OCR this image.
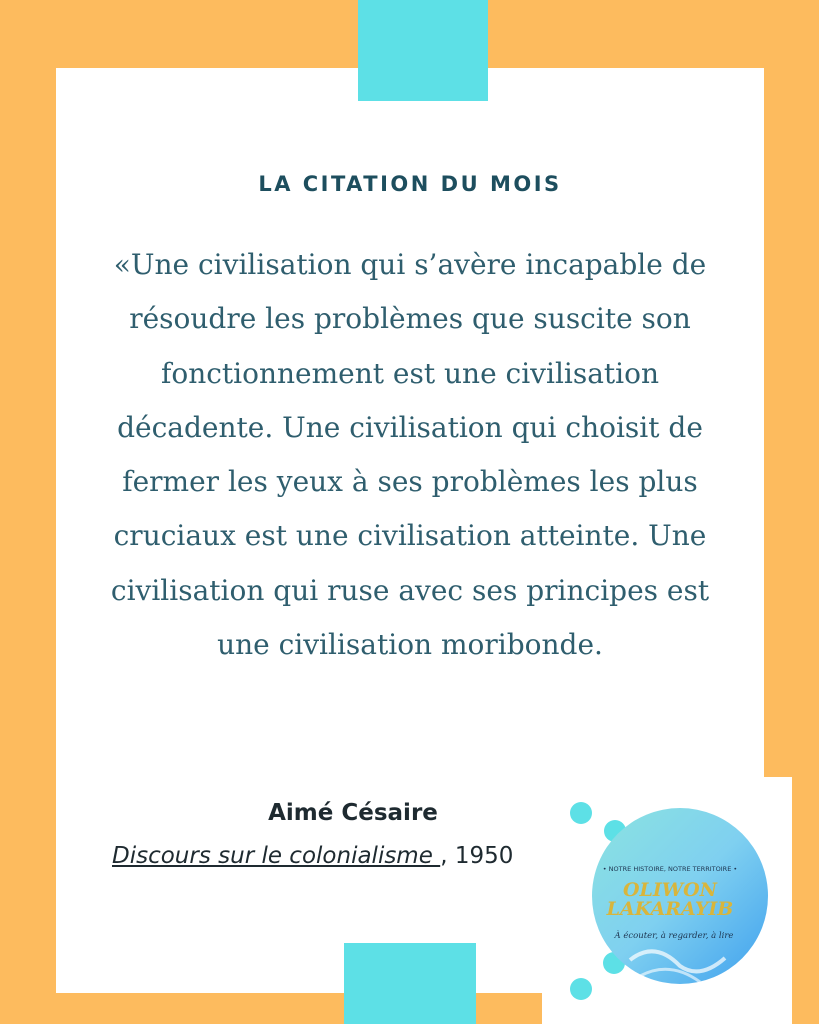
LA CITATION DU MOIS

«Une civilisation qui s’avère incapable de résoudre les problèmes que suscite son fonctionnement est une civilisation décadente. Une civilisation qui choisit de fermer les yeux à ses problèmes les plus cruciaux est une civilisation atteinte. Une civilisation qui ruse avec ses principes est une civilisation moribonde.

Aimé Césaire
Discours sur le colonialisme , 1950	• NOTRE HISTOIRE, NOTRE TERRITOIRE •
OLIWON
LAKARAYIB
À écouter, à regarder, à lire
